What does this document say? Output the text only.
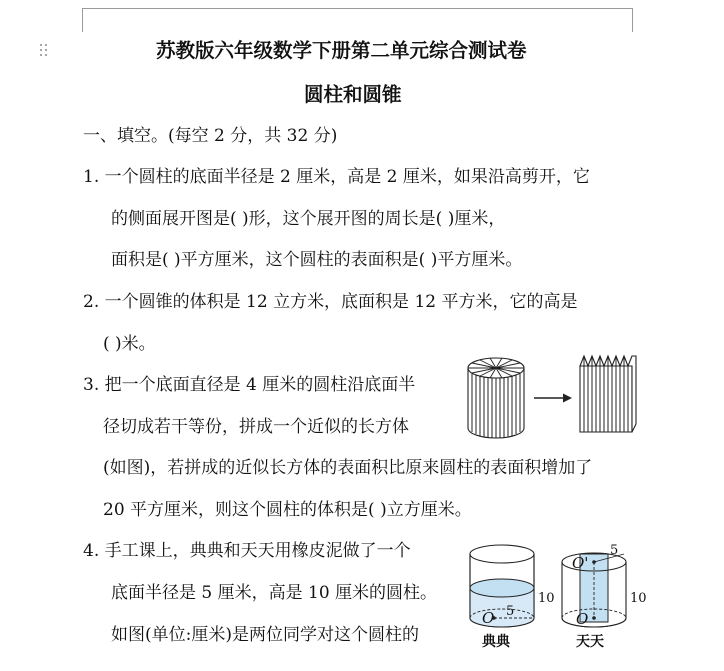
苏教版六年级数学下册第二单元综合测试卷
圆柱和圆锥
一、填空。(每空 2 分，共 32 分)
1. 一个圆柱的底面半径是 2 厘米，高是 2 厘米，如果沿高剪开，它
的侧面展开图是( )形，这个展开图的周长是( )厘米，
面积是( )平方厘米，这个圆柱的表面积是( )平方厘米。
2. 一个圆锥的体积是 12 立方米，底面积是 12 平方米，它的高是
( )米。
3. 把一个底面直径是 4 厘米的圆柱沿底面半
径切成若干等份，拼成一个近似的长方体
(如图)，若拼成的近似长方体的表面积比原来圆柱的表面积增加了
20 平方厘米，则这个圆柱的体积是( )立方厘米。
4. 手工课上，典典和天天用橡皮泥做了一个
底面半径是 5 厘米，高是 10 厘米的圆柱。
如图(单位:厘米)是两位同学对这个圆柱的
O 5
10
典典
O'
5
O
10
天天
